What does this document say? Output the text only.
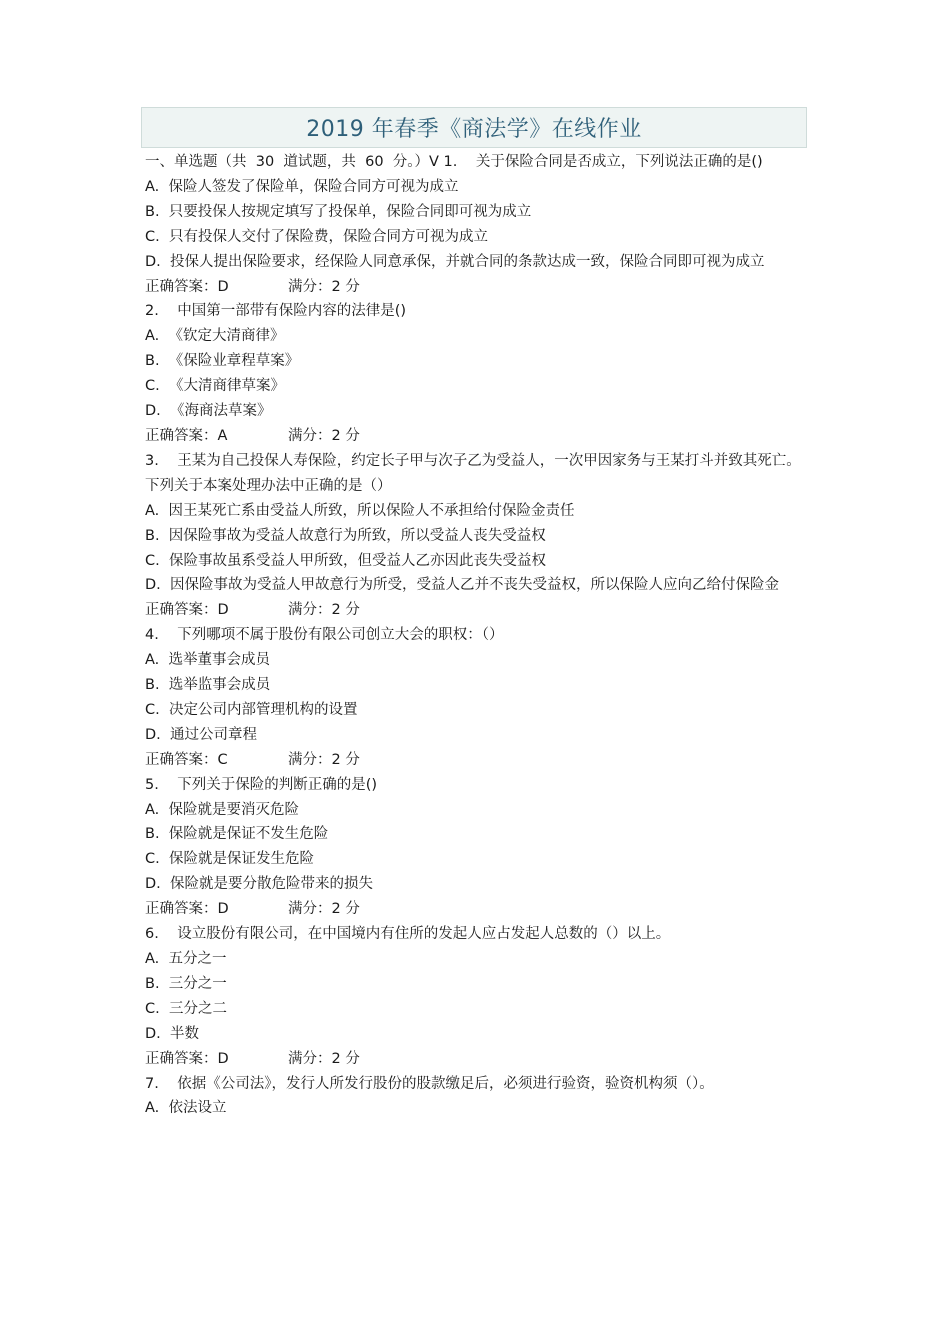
2019 年春季《商法学》在线作业
一、单选题（共  30  道试题，共  60  分。）V 1.    关于保险合同是否成立，下列说法正确的是()
A.  保险人签发了保险单，保险合同方可视为成立
B.  只要投保人按规定填写了投保单，保险合同即可视为成立
C.  只有投保人交付了保险费，保险合同方可视为成立
D.  投保人提出保险要求，经保险人同意承保，并就合同的条款达成一致，保险合同即可视为成立
正确答案：D	满分：2 分
2.    中国第一部带有保险内容的法律是()
A.  《钦定大清商律》
B.  《保险业章程草案》
C.  《大清商律草案》
D.  《海商法草案》
正确答案：A	满分：2 分
3.    王某为自己投保人寿保险，约定长子甲与次子乙为受益人，一次甲因家务与王某打斗并致其死亡。下列关于本案处理办法中正确的是（）
A.  因王某死亡系由受益人所致，所以保险人不承担给付保险金责任
B.  因保险事故为受益人故意行为所致，所以受益人丧失受益权
C.  保险事故虽系受益人甲所致，但受益人乙亦因此丧失受益权
D.  因保险事故为受益人甲故意行为所受，受益人乙并不丧失受益权，所以保险人应向乙给付保险金
正确答案：D	满分：2 分
4.    下列哪项不属于股份有限公司创立大会的职权：（）
A.  选举董事会成员
B.  选举监事会成员
C.  决定公司内部管理机构的设置
D.  通过公司章程
正确答案：C	满分：2 分
5.    下列关于保险的判断正确的是()
A.  保险就是要消灭危险
B.  保险就是保证不发生危险
C.  保险就是保证发生危险
D.  保险就是要分散危险带来的损失
正确答案：D	满分：2 分
6.    设立股份有限公司，在中国境内有住所的发起人应占发起人总数的（）以上。
A.  五分之一
B.  三分之一
C.  三分之二
D.  半数
正确答案：D	满分：2 分
7.    依据《公司法》，发行人所发行股份的股款缴足后，必须进行验资，验资机构须（）。
A.  依法设立
